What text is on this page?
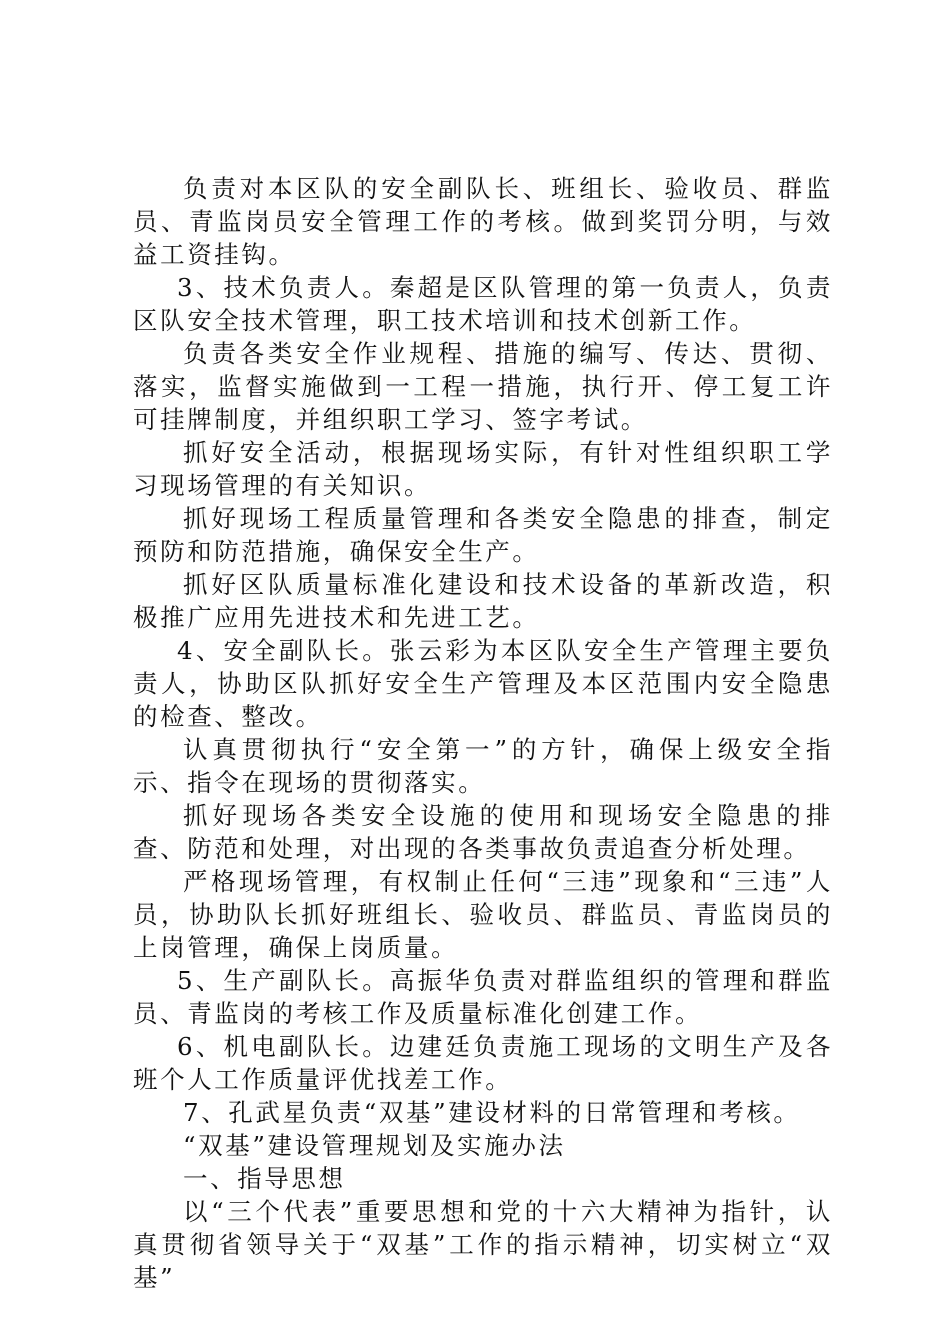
负责对本区队的安全副队长、班组长、验收员、群监员、青监岗员安全管理工作的考核。做到奖罚分明，与效益工资挂钩。

3、技术负责人。秦超是区队管理的第一负责人，负责区队安全技术管理，职工技术培训和技术创新工作。

负责各类安全作业规程、措施的编写、传达、贯彻、落实，监督实施做到一工程一措施，执行开、停工复工许可挂牌制度，并组织职工学习、签字考试。

抓好安全活动，根据现场实际，有针对性组织职工学习现场管理的有关知识。

抓好现场工程质量管理和各类安全隐患的排查，制定预防和防范措施，确保安全生产。

抓好区队质量标准化建设和技术设备的革新改造，积极推广应用先进技术和先进工艺。

4、安全副队长。张云彩为本区队安全生产管理主要负责人，协助区队抓好安全生产管理及本区范围内安全隐患的检查、整改。

认真贯彻执行“安全第一”的方针，确保上级安全指示、指令在现场的贯彻落实。

抓好现场各类安全设施的使用和现场安全隐患的排查、防范和处理，对出现的各类事故负责追查分析处理。

严格现场管理，有权制止任何“三违”现象和“三违”人员，协助队长抓好班组长、验收员、群监员、青监岗员的上岗管理，确保上岗质量。

5、生产副队长。高振华负责对群监组织的管理和群监员、青监岗的考核工作及质量标准化创建工作。

6、机电副队长。边建廷负责施工现场的文明生产及各班个人工作质量评优找差工作。

7、孔武星负责“双基”建设材料的日常管理和考核。

“双基”建设管理规划及实施办法

一、指导思想

以“三个代表”重要思想和党的十六大精神为指针，认真贯彻省领导关于“双基”工作的指示精神，切实树立“双基”
